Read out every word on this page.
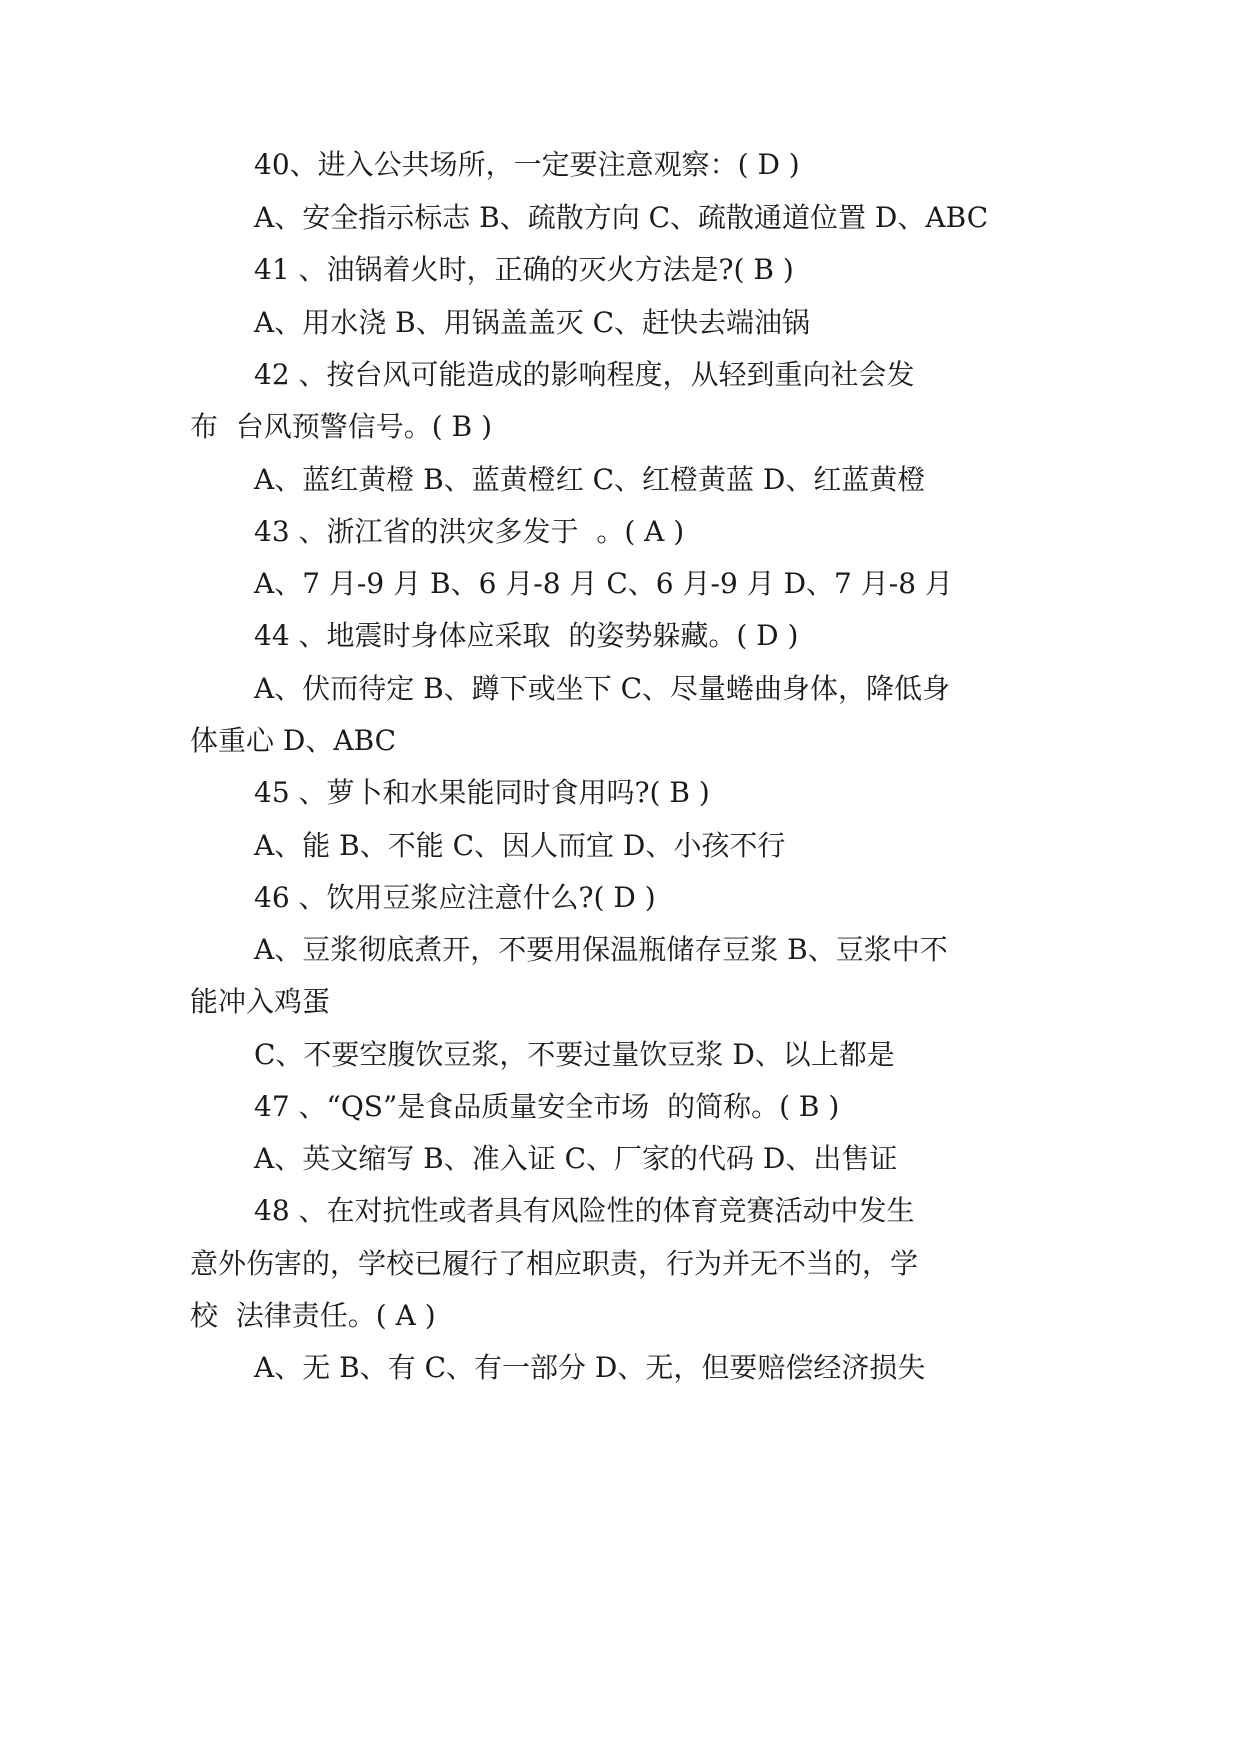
40、进入公共场所，一定要注意观察：( D )
A、安全指示标志 B、疏散方向 C、疏散通道位置 D、ABC
41 、油锅着火时，正确的灭火方法是?( B )
A、用水浇 B、用锅盖盖灭 C、赶快去端油锅
42 、按台风可能造成的影响程度，从轻到重向社会发
布  台风预警信号。( B )
A、蓝红黄橙 B、蓝黄橙红 C、红橙黄蓝 D、红蓝黄橙
43 、浙江省的洪灾多发于  。( A )
A、7 月-9 月 B、6 月-8 月 C、6 月-9 月 D、7 月-8 月
44 、地震时身体应采取  的姿势躲藏。( D )
A、伏而待定 B、蹲下或坐下 C、尽量蜷曲身体，降低身
体重心 D、ABC
45 、萝卜和水果能同时食用吗?( B )
A、能 B、不能 C、因人而宜 D、小孩不行
46 、饮用豆浆应注意什么?( D )
A、豆浆彻底煮开，不要用保温瓶储存豆浆 B、豆浆中不
能冲入鸡蛋
C、不要空腹饮豆浆，不要过量饮豆浆 D、以上都是
47 、“QS”是食品质量安全市场  的简称。( B )
A、英文缩写 B、准入证 C、厂家的代码 D、出售证
48 、在对抗性或者具有风险性的体育竞赛活动中发生
意外伤害的，学校已履行了相应职责，行为并无不当的，学
校  法律责任。( A )
A、无 B、有 C、有一部分 D、无，但要赔偿经济损失
